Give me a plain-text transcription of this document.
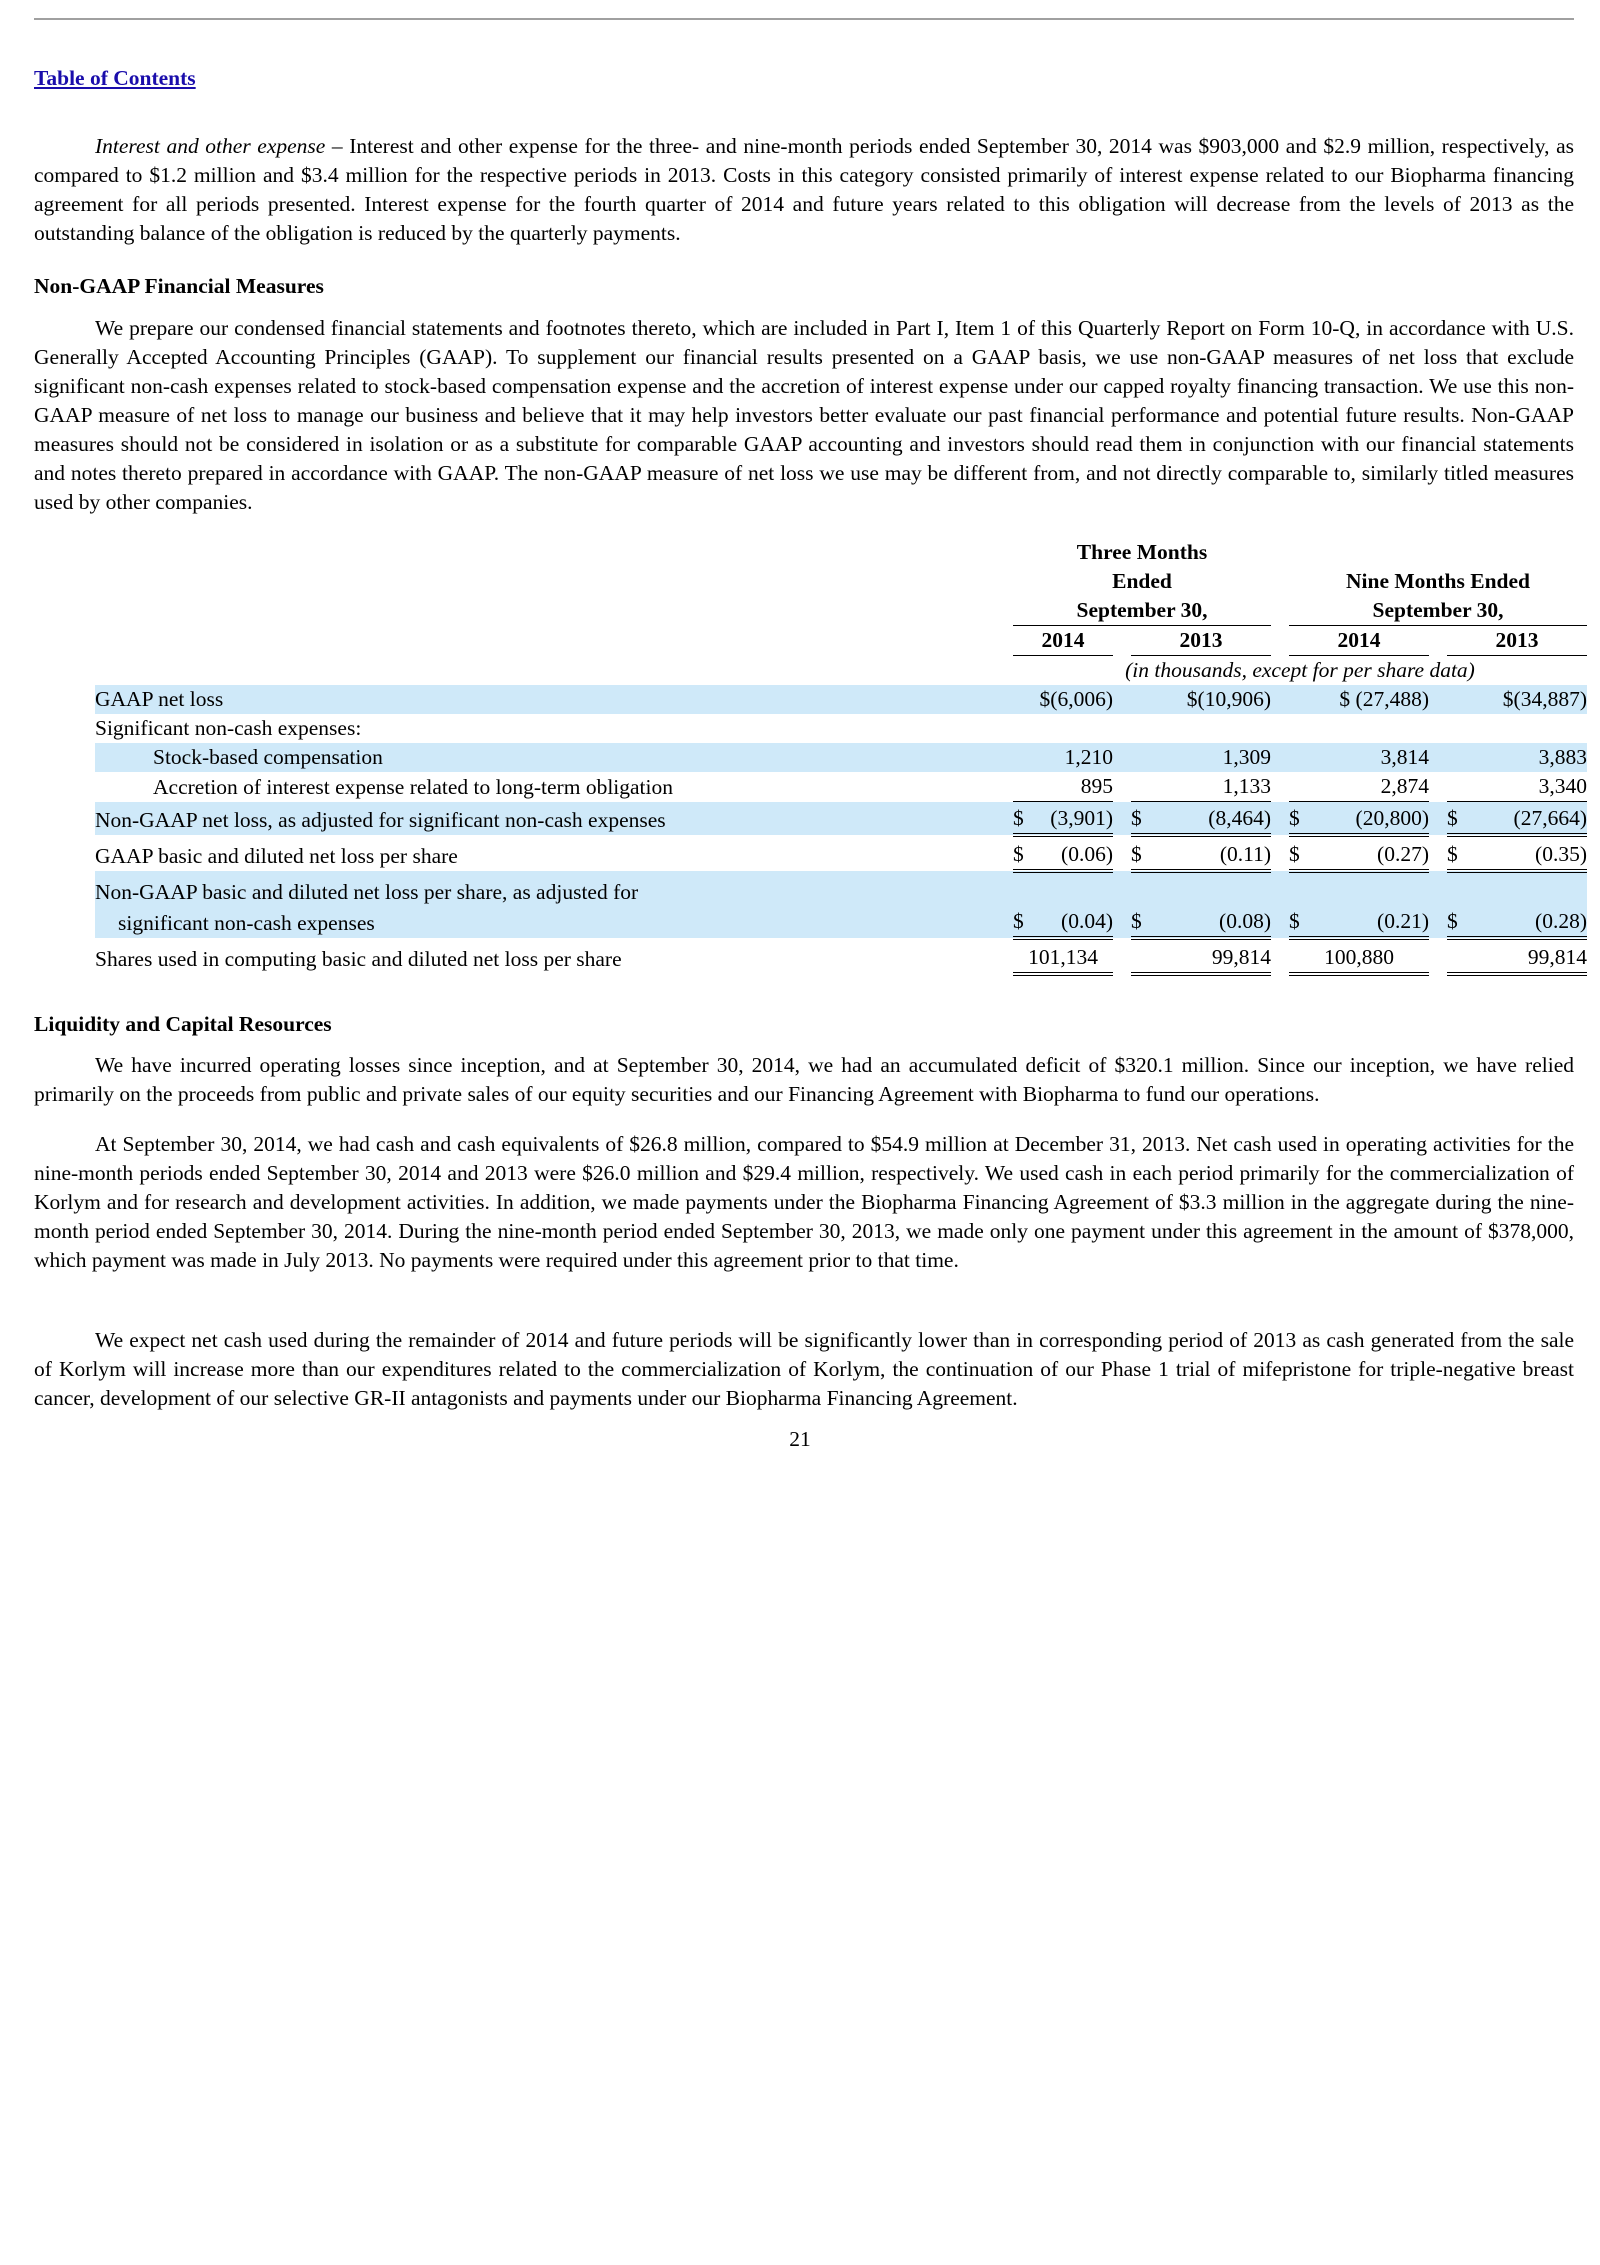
Table of Contents

Interest and other expense – Interest and other expense for the three- and nine-month periods ended September 30, 2014 was $903,000 and $2.9 million, respectively, as compared to $1.2 million and $3.4 million for the respective periods in 2013. Costs in this category consisted primarily of interest expense related to our Biopharma financing agreement for all periods presented. Interest expense for the fourth quarter of 2014 and future years related to this obligation will decrease from the levels of 2013 as the outstanding balance of the obligation is reduced by the quarterly payments.

Non-GAAP Financial Measures

We prepare our condensed financial statements and footnotes thereto, which are included in Part I, Item 1 of this Quarterly Report on Form 10-Q, in accordance with U.S. Generally Accepted Accounting Principles (GAAP). To supplement our financial results presented on a GAAP basis, we use non-GAAP measures of net loss that exclude significant non-cash expenses related to stock-based compensation expense and the accretion of interest expense under our capped royalty financing transaction. We use this non-GAAP measure of net loss to manage our business and believe that it may help investors better evaluate our past financial performance and potential future results. Non-GAAP measures should not be considered in isolation or as a substitute for comparable GAAP accounting and investors should read them in conjunction with our financial statements and notes thereto prepared in accordance with GAAP. The non-GAAP measure of net loss we use may be different from, and not directly comparable to, similarly titled measures used by other companies.

	Three Months						
	Ended				Nine Months Ended		
	September 30,				September 30,		
	2014		2013		2014		2013
	(in thousands, except for per share data)						
GAAP net loss	$(6,006)		$(10,906)		$ (27,488)		$(34,887)
Significant non-cash expenses:							
Stock-based compensation	1,210		1,309		3,814		3,883
Accretion of interest expense related to long-term obligation	895		1,133		2,874		3,340
Non-GAAP net loss, as adjusted for significant non-cash expenses	$ (3,901)		$ (8,464)		$ (20,800)		$ (27,664)

GAAP basic and diluted net loss per share	$ (0.06)		$ (0.11)		$ (0.27)		$ (0.35)

Non-GAAP basic and diluted net loss per share, as adjusted for							
significant non-cash expenses	$ (0.04)		$ (0.08)		$ (0.21)		$ (0.28)

Shares used in computing basic and diluted net loss per share	101,134		99,814		100,880		99,814
Liquidity and Capital Resources

We have incurred operating losses since inception, and at September 30, 2014, we had an accumulated deficit of $320.1 million. Since our inception, we have relied primarily on the proceeds from public and private sales of our equity securities and our Financing Agreement with Biopharma to fund our operations.

At September 30, 2014, we had cash and cash equivalents of $26.8 million, compared to $54.9 million at December 31, 2013. Net cash used in operating activities for the nine-month periods ended September 30, 2014 and 2013 were $26.0 million and $29.4 million, respectively. We used cash in each period primarily for the commercialization of Korlym and for research and development activities. In addition, we made payments under the Biopharma Financing Agreement of $3.3 million in the aggregate during the nine-month period ended September 30, 2014. During the nine-month period ended September 30, 2013, we made only one payment under this agreement in the amount of $378,000, which payment was made in July 2013. No payments were required under this agreement prior to that time.

We expect net cash used during the remainder of 2014 and future periods will be significantly lower than in corresponding period of 2013 as cash generated from the sale of Korlym will increase more than our expenditures related to the commercialization of Korlym, the continuation of our Phase 1 trial of mifepristone for triple-negative breast cancer, development of our selective GR-II antagonists and payments under our Biopharma Financing Agreement.

21
